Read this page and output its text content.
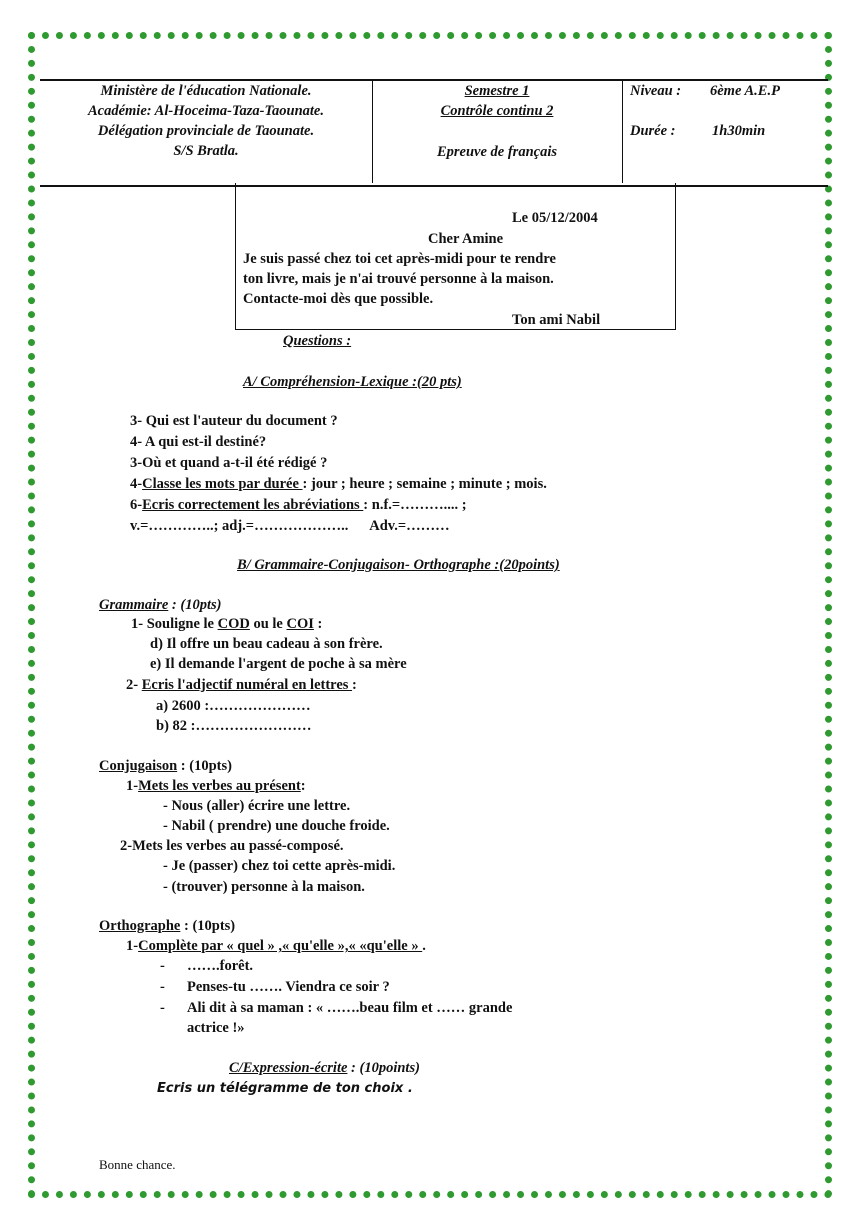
Ministère de l'éducation Nationale.
Académie: Al-Hoceima-Taza-Taounate.
Délégation provinciale de Taounate.
S/S Bratla.
Semestre 1
Contrôle continu 2
Epreuve de français
Niveau : 6ème A.E.P
Durée :	1h30min
Le 05/12/2004
Cher Amine
Je suis passé chez toi cet après-midi pour te rendre
ton livre, mais je n'ai trouvé personne à la maison.
Contacte-moi dès que possible.
Ton ami Nabil
Questions :
A/ Compréhension-Lexique :(20 pts)
3- Qui est l'auteur du document ?
4- A qui est-il destiné?
3-Où et quand a-t-il été rédigé ?
4-Classe les mots par durée : jour ; heure ; semaine ; minute ; mois.
6-Ecris correctement les abréviations : n.f.=……….... ;
v.=…………..; adj.=………………..      Adv.=………
B/ Grammaire-Conjugaison- Orthographe :(20points)
Grammaire : (10pts)
1- Souligne le COD ou le COI :
d) Il offre un beau cadeau à son frère.
e) Il demande l'argent de poche à sa mère
2- Ecris l'adjectif numéral en lettres :
a) 2600 :…………………
b) 82 :……………………
Conjugaison : (10pts)
1-Mets les verbes au présent:
- Nous (aller) écrire une lettre.
- Nabil ( prendre) une douche froide.
2-Mets les verbes au passé-composé.
- Je (passer) chez toi cette après-midi.
- (trouver) personne à la maison.
Orthographe : (10pts)
1-Complète par « quel » ,« qu'elle »,« «qu'elle » .
- …….forêt.
- Penses-tu ……. Viendra ce soir ?
- Ali dit à sa maman : « …….beau film et …… grande
actrice !»
C/Expression-écrite : (10points)
Ecris un télégramme de ton choix .
Bonne chance.
